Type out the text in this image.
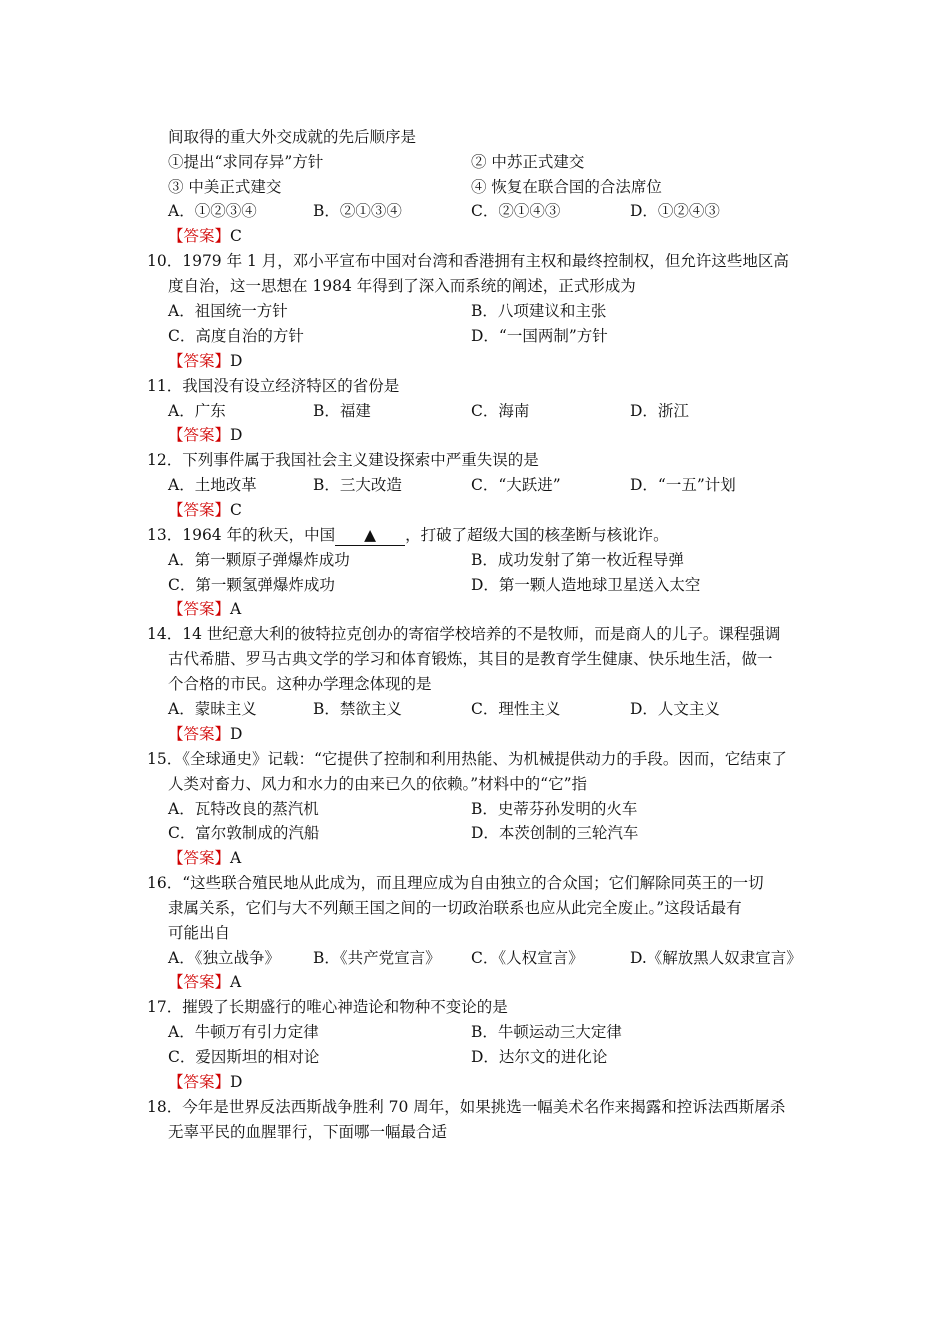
间取得的重大外交成就的先后顺序是
①提出“求同存异”方针	② 中苏正式建交
③ 中美正式建交	④ 恢复在联合国的合法席位
A．①②③④	B．②①③④	C．②①④③	D．①②④③
【答案】C
10．1979 年 1 月，邓小平宣布中国对台湾和香港拥有主权和最终控制权，但允许这些地区高
度自治，这一思想在 1984 年得到了深入而系统的阐述，正式形成为
A．祖国统一方针	B．八项建议和主张
C．高度自治的方针	D．“一国两制”方针
【答案】D
11．我国没有设立经济特区的省份是
A．广东	B．福建	C．海南	D．浙江
【答案】D
12．下列事件属于我国社会主义建设探索中严重失误的是
A．土地改革	B．三大改造	C．“大跃进”	D．“一五”计划
【答案】C
13．1964 年的秋天，中国 ▲ ，打破了超级大国的核垄断与核讹诈。
A．第一颗原子弹爆炸成功	B．成功发射了第一枚近程导弹
C．第一颗氢弹爆炸成功	D．第一颗人造地球卫星送入太空
【答案】A
14．14 世纪意大利的彼特拉克创办的寄宿学校培养的不是牧师，而是商人的儿子。课程强调
古代希腊、罗马古典文学的学习和体育锻炼，其目的是教育学生健康、快乐地生活，做一
个合格的市民。这种办学理念体现的是
A．蒙昧主义	B．禁欲主义	C．理性主义	D．人文主义
【答案】D
15．《全球通史》记载：“它提供了控制和利用热能、为机械提供动力的手段。因而，它结束了
人类对畜力、风力和水力的由来已久的依赖。”材料中的“它”指
A．瓦特改良的蒸汽机	B．史蒂芬孙发明的火车
C．富尔敦制成的汽船	D．本茨创制的三轮汽车
【答案】A
16．“这些联合殖民地从此成为，而且理应成为自由独立的合众国；它们解除同英王的一切
隶属关系，它们与大不列颠王国之间的一切政治联系也应从此完全废止。”这段话最有
可能出自
A．《独立战争》 B．《共产党宣言》 C．《人权宣言》	D.《解放黑人奴隶宣言》
【答案】A
17．摧毁了长期盛行的唯心神造论和物种不变论的是
A．牛顿万有引力定律	B．牛顿运动三大定律
C．爱因斯坦的相对论	D．达尔文的进化论
【答案】D
18．今年是世界反法西斯战争胜利 70 周年，如果挑选一幅美术名作来揭露和控诉法西斯屠杀
无辜平民的血腥罪行，下面哪一幅最合适
